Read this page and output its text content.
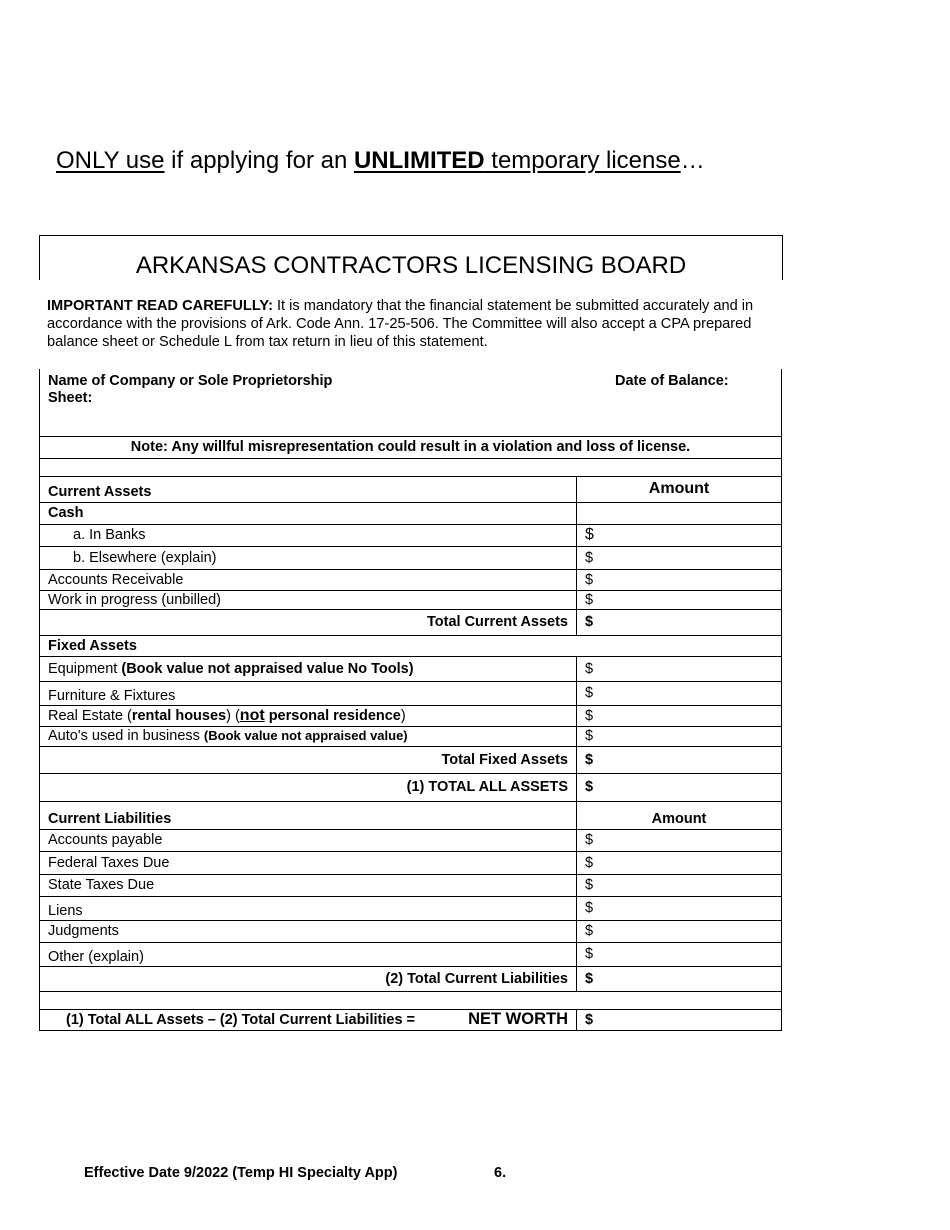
ONLY use if applying for an UNLIMITED temporary license…
ARKANSAS CONTRACTORS LICENSING BOARD
IMPORTANT READ CAREFULLY: It is mandatory that the financial statement be submitted accurately and in accordance with the provisions of Ark. Code Ann. 17-25-506. The Committee will also accept a CPA prepared balance sheet or Schedule L from tax return in lieu of this statement.
Name of Company or Sole Proprietorship
Sheet:
Date of Balance:	

Note: Any willful misrepresentation could result in a violation and loss of license.	

Current Assets	Amount
Cash	
a. In Banks	$
b. Elsewhere (explain)	$
Accounts Receivable	$
Work in progress (unbilled)	$
Total Current Assets	$
Fixed Assets	
Equipment (Book value not appraised value No Tools)	$
Furniture & Fixtures	$
Real Estate (rental houses) (not personal residence)	$
Auto's used in business (Book value not appraised value)	$
Total Fixed Assets	$
(1) TOTAL ALL ASSETS	$
Current Liabilities	Amount
Accounts payable	$
Federal Taxes Due	$
State Taxes Due	$
Liens	$
Judgments	$
Other (explain)	$
(2) Total Current Liabilities	$

(1) Total ALL Assets – (2) Total Current Liabilities = NET WORTH	$
Effective Date 9/2022 (Temp HI Specialty App)	6.
